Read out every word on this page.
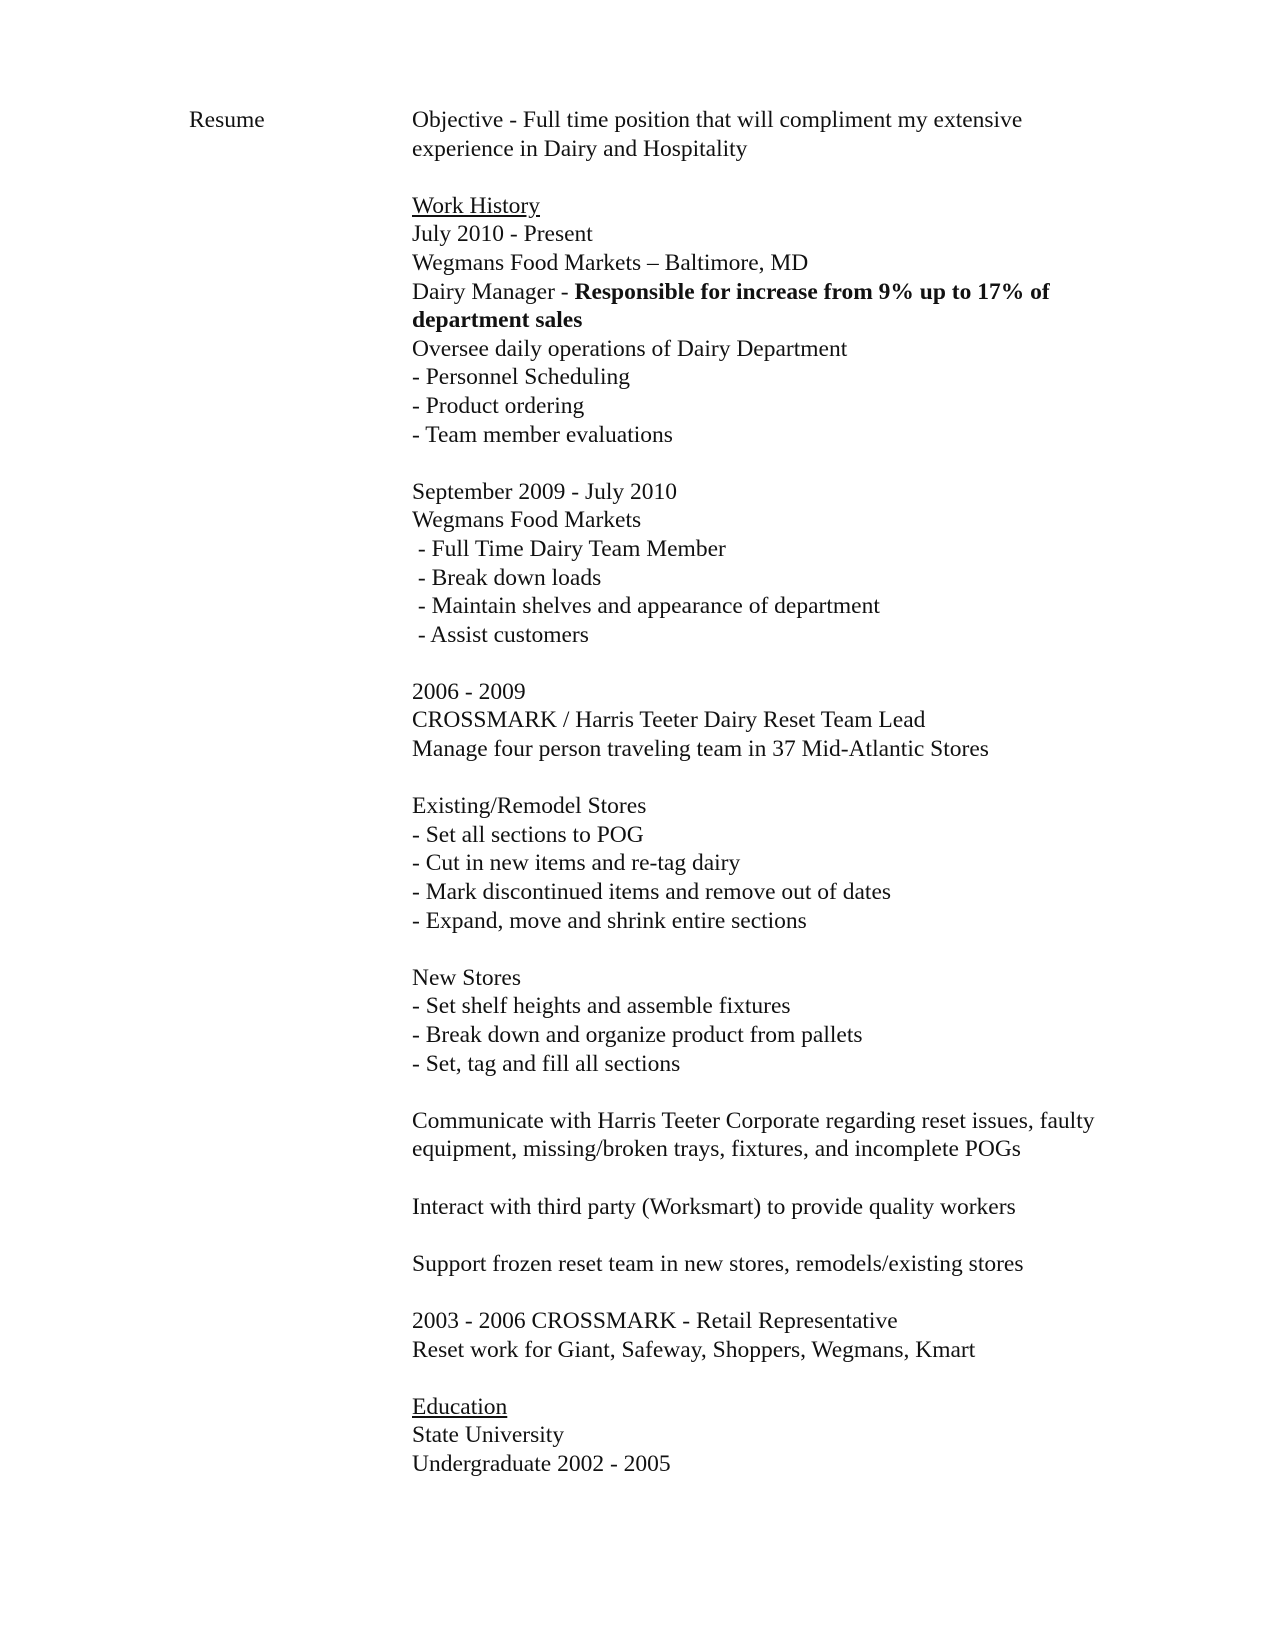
Resume	Objective - Full time position that will compliment my extensive experience in Dairy and Hospitality
Work History
July 2010 - Present
Wegmans Food Markets – Baltimore, MD
Dairy Manager - Responsible for increase from 9% up to 17% of department sales
Oversee daily operations of Dairy Department
- Personnel Scheduling
- Product ordering
- Team member evaluations
September 2009 - July 2010
Wegmans Food Markets
- Full Time Dairy Team Member
- Break down loads
- Maintain shelves and appearance of department
- Assist customers
2006 - 2009
CROSSMARK / Harris Teeter Dairy Reset Team Lead
Manage four person traveling team in 37 Mid-Atlantic Stores
Existing/Remodel Stores
- Set all sections to POG
- Cut in new items and re-tag dairy
- Mark discontinued items and remove out of dates
- Expand, move and shrink entire sections
New Stores
- Set shelf heights and assemble fixtures
- Break down and organize product from pallets
- Set, tag and fill all sections
Communicate with Harris Teeter Corporate regarding reset issues, faulty equipment, missing/broken trays, fixtures, and incomplete POGs
Interact with third party (Worksmart) to provide quality workers
Support frozen reset team in new stores, remodels/existing stores
2003 - 2006 CROSSMARK - Retail Representative
Reset work for Giant, Safeway, Shoppers, Wegmans, Kmart
Education
State University
Undergraduate 2002 - 2005
